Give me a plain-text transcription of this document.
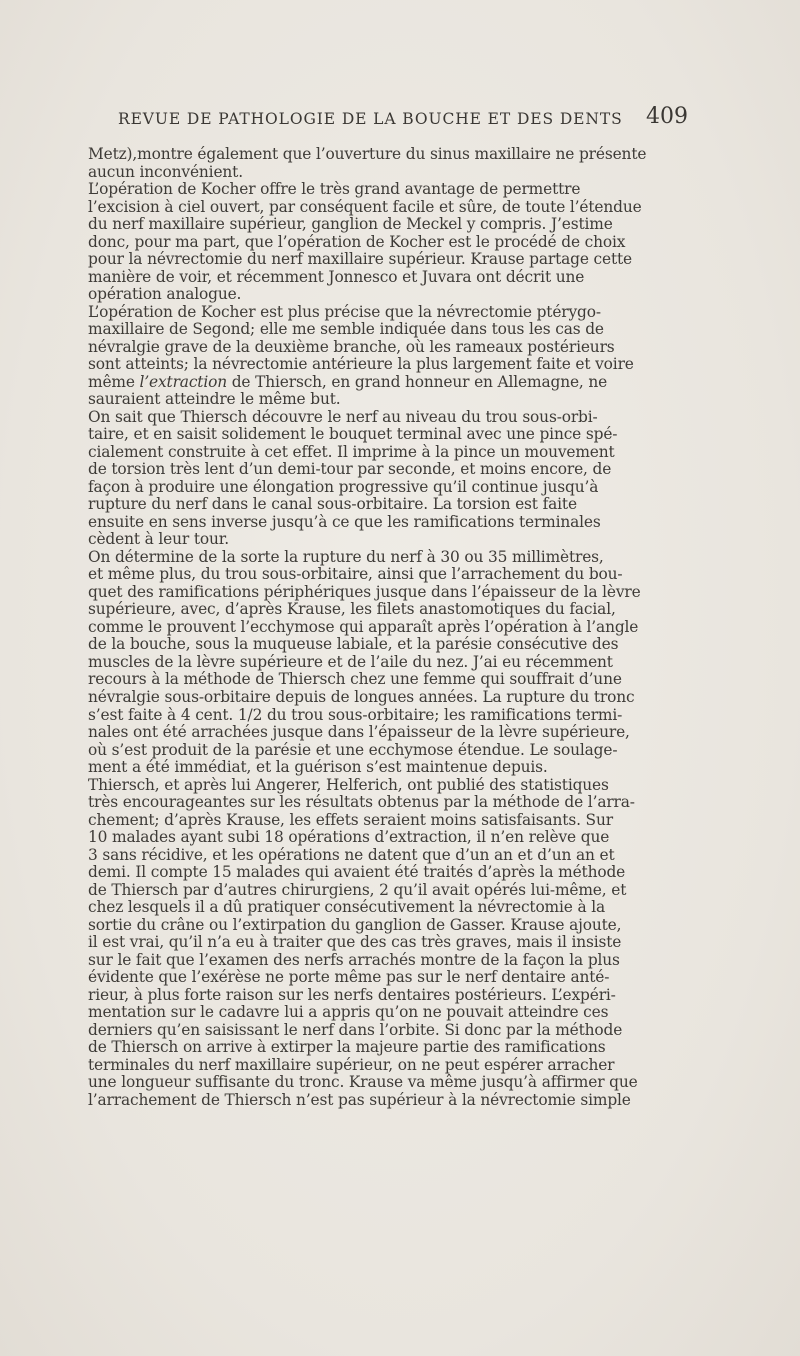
REVUE DE PATHOLOGIE DE LA BOUCHE ET DES DENTS 409

Metz),montre également que l’ouverture du sinus maxillaire ne présente
aucun inconvénient.

L’opération de Kocher offre le très grand avantage de permettre
l’excision à ciel ouvert, par conséquent facile et sûre, de toute l’étendue
du nerf maxillaire supérieur, ganglion de Meckel y compris. J’estime
donc, pour ma part, que l’opération de Kocher est le procédé de choix
pour la névrectomie du nerf maxillaire supérieur. Krause partage cette
manière de voir, et récemment Jonnesco et Juvara ont décrit une
opération analogue.

L’opération de Kocher est plus précise que la névrectomie ptérygo-
maxillaire de Segond; elle me semble indiquée dans tous les cas de
névralgie grave de la deuxième branche, où les rameaux postérieurs
sont atteints; la névrectomie antérieure la plus largement faite et voire
même l’extraction de Thiersch, en grand honneur en Allemagne, ne
sauraient atteindre le même but.

On sait que Thiersch découvre le nerf au niveau du trou sous-orbi-
taire, et en saisit solidement le bouquet terminal avec une pince spé-
cialement construite à cet effet. Il imprime à la pince un mouvement
de torsion très lent d’un demi-tour par seconde, et moins encore, de
façon à produire une élongation progressive qu’il continue jusqu’à
rupture du nerf dans le canal sous-orbitaire. La torsion est faite
ensuite en sens inverse jusqu’à ce que les ramifications terminales
cèdent à leur tour.

On détermine de la sorte la rupture du nerf à 30 ou 35 millimètres,
et même plus, du trou sous-orbitaire, ainsi que l’arrachement du bou-
quet des ramifications périphériques jusque dans l’épaisseur de la lèvre
supérieure, avec, d’après Krause, les filets anastomotiques du facial,
comme le prouvent l’ecchymose qui apparaît après l’opération à l’angle
de la bouche, sous la muqueuse labiale, et la parésie consécutive des
muscles de la lèvre supérieure et de l’aile du nez. J’ai eu récemment
recours à la méthode de Thiersch chez une femme qui souffrait d’une
névralgie sous-orbitaire depuis de longues années. La rupture du tronc
s’est faite à 4 cent. 1/2 du trou sous-orbitaire; les ramifications termi-
nales ont été arrachées jusque dans l’épaisseur de la lèvre supérieure,
où s’est produit de la parésie et une ecchymose étendue. Le soulage-
ment a été immédiat, et la guérison s’est maintenue depuis.

Thiersch, et après lui Angerer, Helferich, ont publié des statistiques
très encourageantes sur les résultats obtenus par la méthode de l’arra-
chement; d’après Krause, les effets seraient moins satisfaisants. Sur
10 malades ayant subi 18 opérations d’extraction, il n’en relève que
3 sans récidive, et les opérations ne datent que d’un an et d’un an et
demi. Il compte 15 malades qui avaient été traités d’après la méthode
de Thiersch par d’autres chirurgiens, 2 qu’il avait opérés lui-même, et
chez lesquels il a dû pratiquer consécutivement la névrectomie à la
sortie du crâne ou l’extirpation du ganglion de Gasser. Krause ajoute,
il est vrai, qu’il n’a eu à traiter que des cas très graves, mais il insiste
sur le fait que l’examen des nerfs arrachés montre de la façon la plus
évidente que l’exérèse ne porte même pas sur le nerf dentaire anté-
rieur, à plus forte raison sur les nerfs dentaires postérieurs. L’expéri-
mentation sur le cadavre lui a appris qu’on ne pouvait atteindre ces
derniers qu’en saisissant le nerf dans l’orbite. Si donc par la méthode
de Thiersch on arrive à extirper la majeure partie des ramifications
terminales du nerf maxillaire supérieur, on ne peut espérer arracher
une longueur suffisante du tronc. Krause va même jusqu’à affirmer que
l’arrachement de Thiersch n’est pas supérieur à la névrectomie simple
